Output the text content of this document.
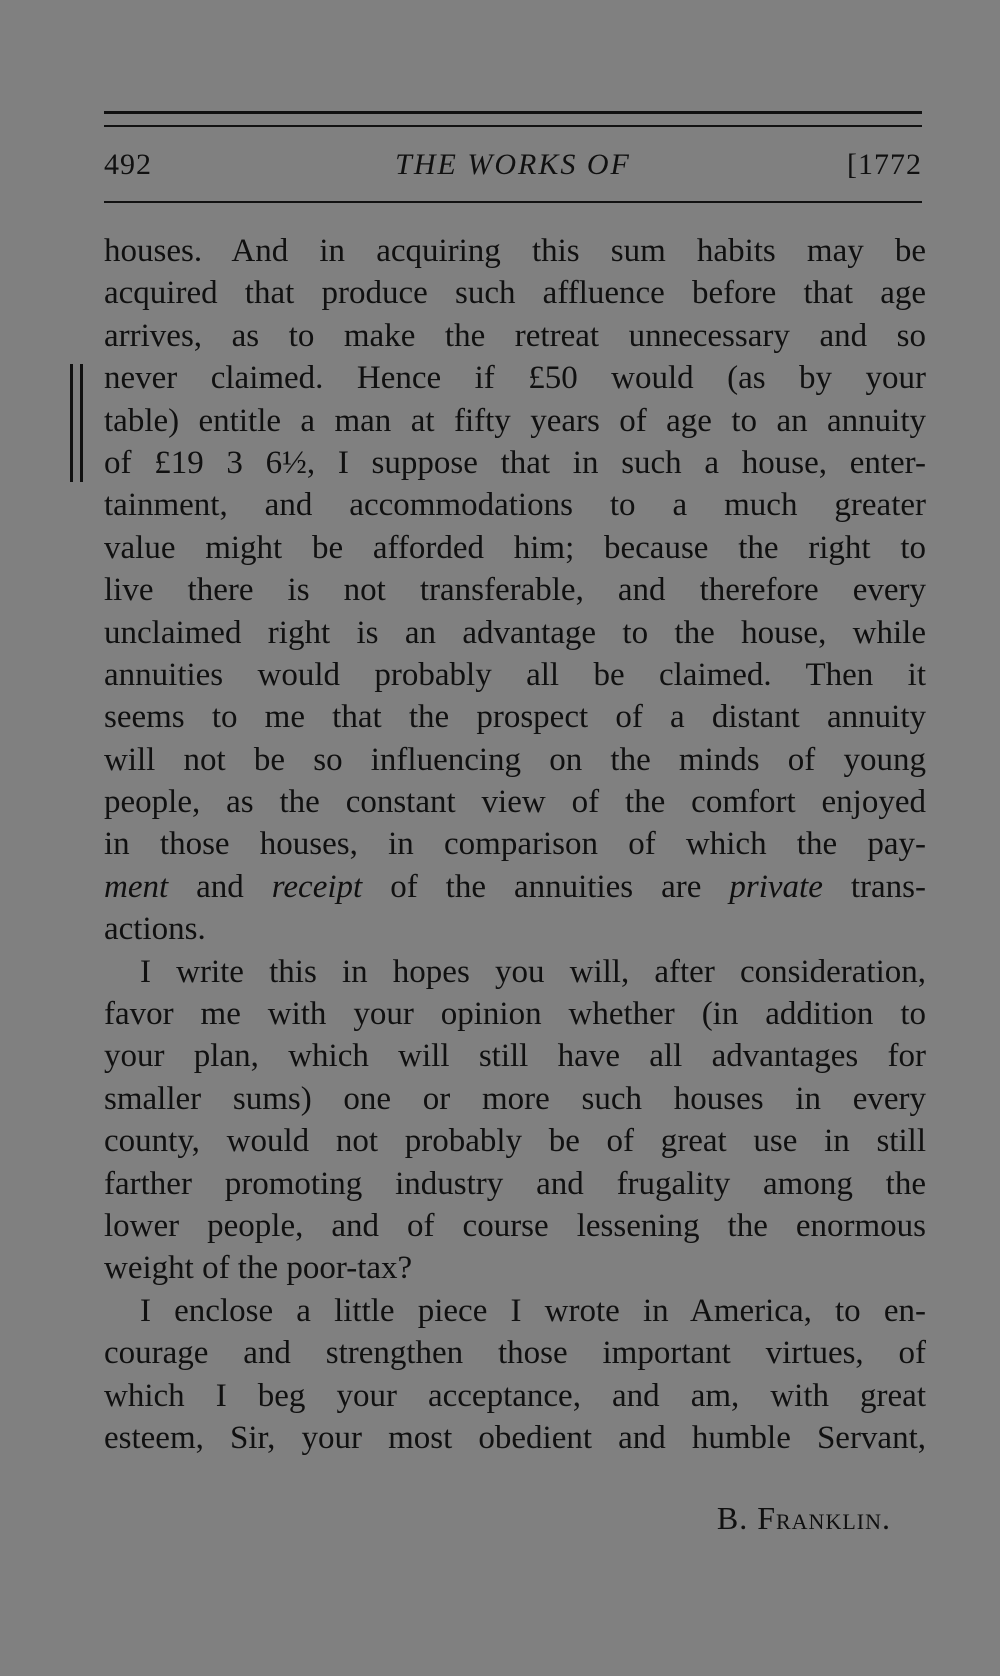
492	THE WORKS OF	[1772
houses. And in acquiring this sum habits may be
acquired that produce such affluence before that age
arrives, as to make the retreat unnecessary and so
never claimed. Hence if £50 would (as by your
table) entitle a man at fifty years of age to an annuity
of £19 3 6½, I suppose that in such a house, enter-
tainment, and accommodations to a much greater
value might be afforded him; because the right to
live there is not transferable, and therefore every
unclaimed right is an advantage to the house, while
annuities would probably all be claimed. Then it
seems to me that the prospect of a distant annuity
will not be so influencing on the minds of young
people, as the constant view of the comfort enjoyed
in those houses, in comparison of which the pay-
ment and receipt of the annuities are private trans-
actions.
I write this in hopes you will, after consideration,
favor me with your opinion whether (in addition to
your plan, which will still have all advantages for
smaller sums) one or more such houses in every
county, would not probably be of great use in still
farther promoting industry and frugality among the
lower people, and of course lessening the enormous
weight of the poor-tax?
I enclose a little piece I wrote in America, to en-
courage and strengthen those important virtues, of
which I beg your acceptance, and am, with great
esteem, Sir, your most obedient and humble Servant,
B. Franklin.
